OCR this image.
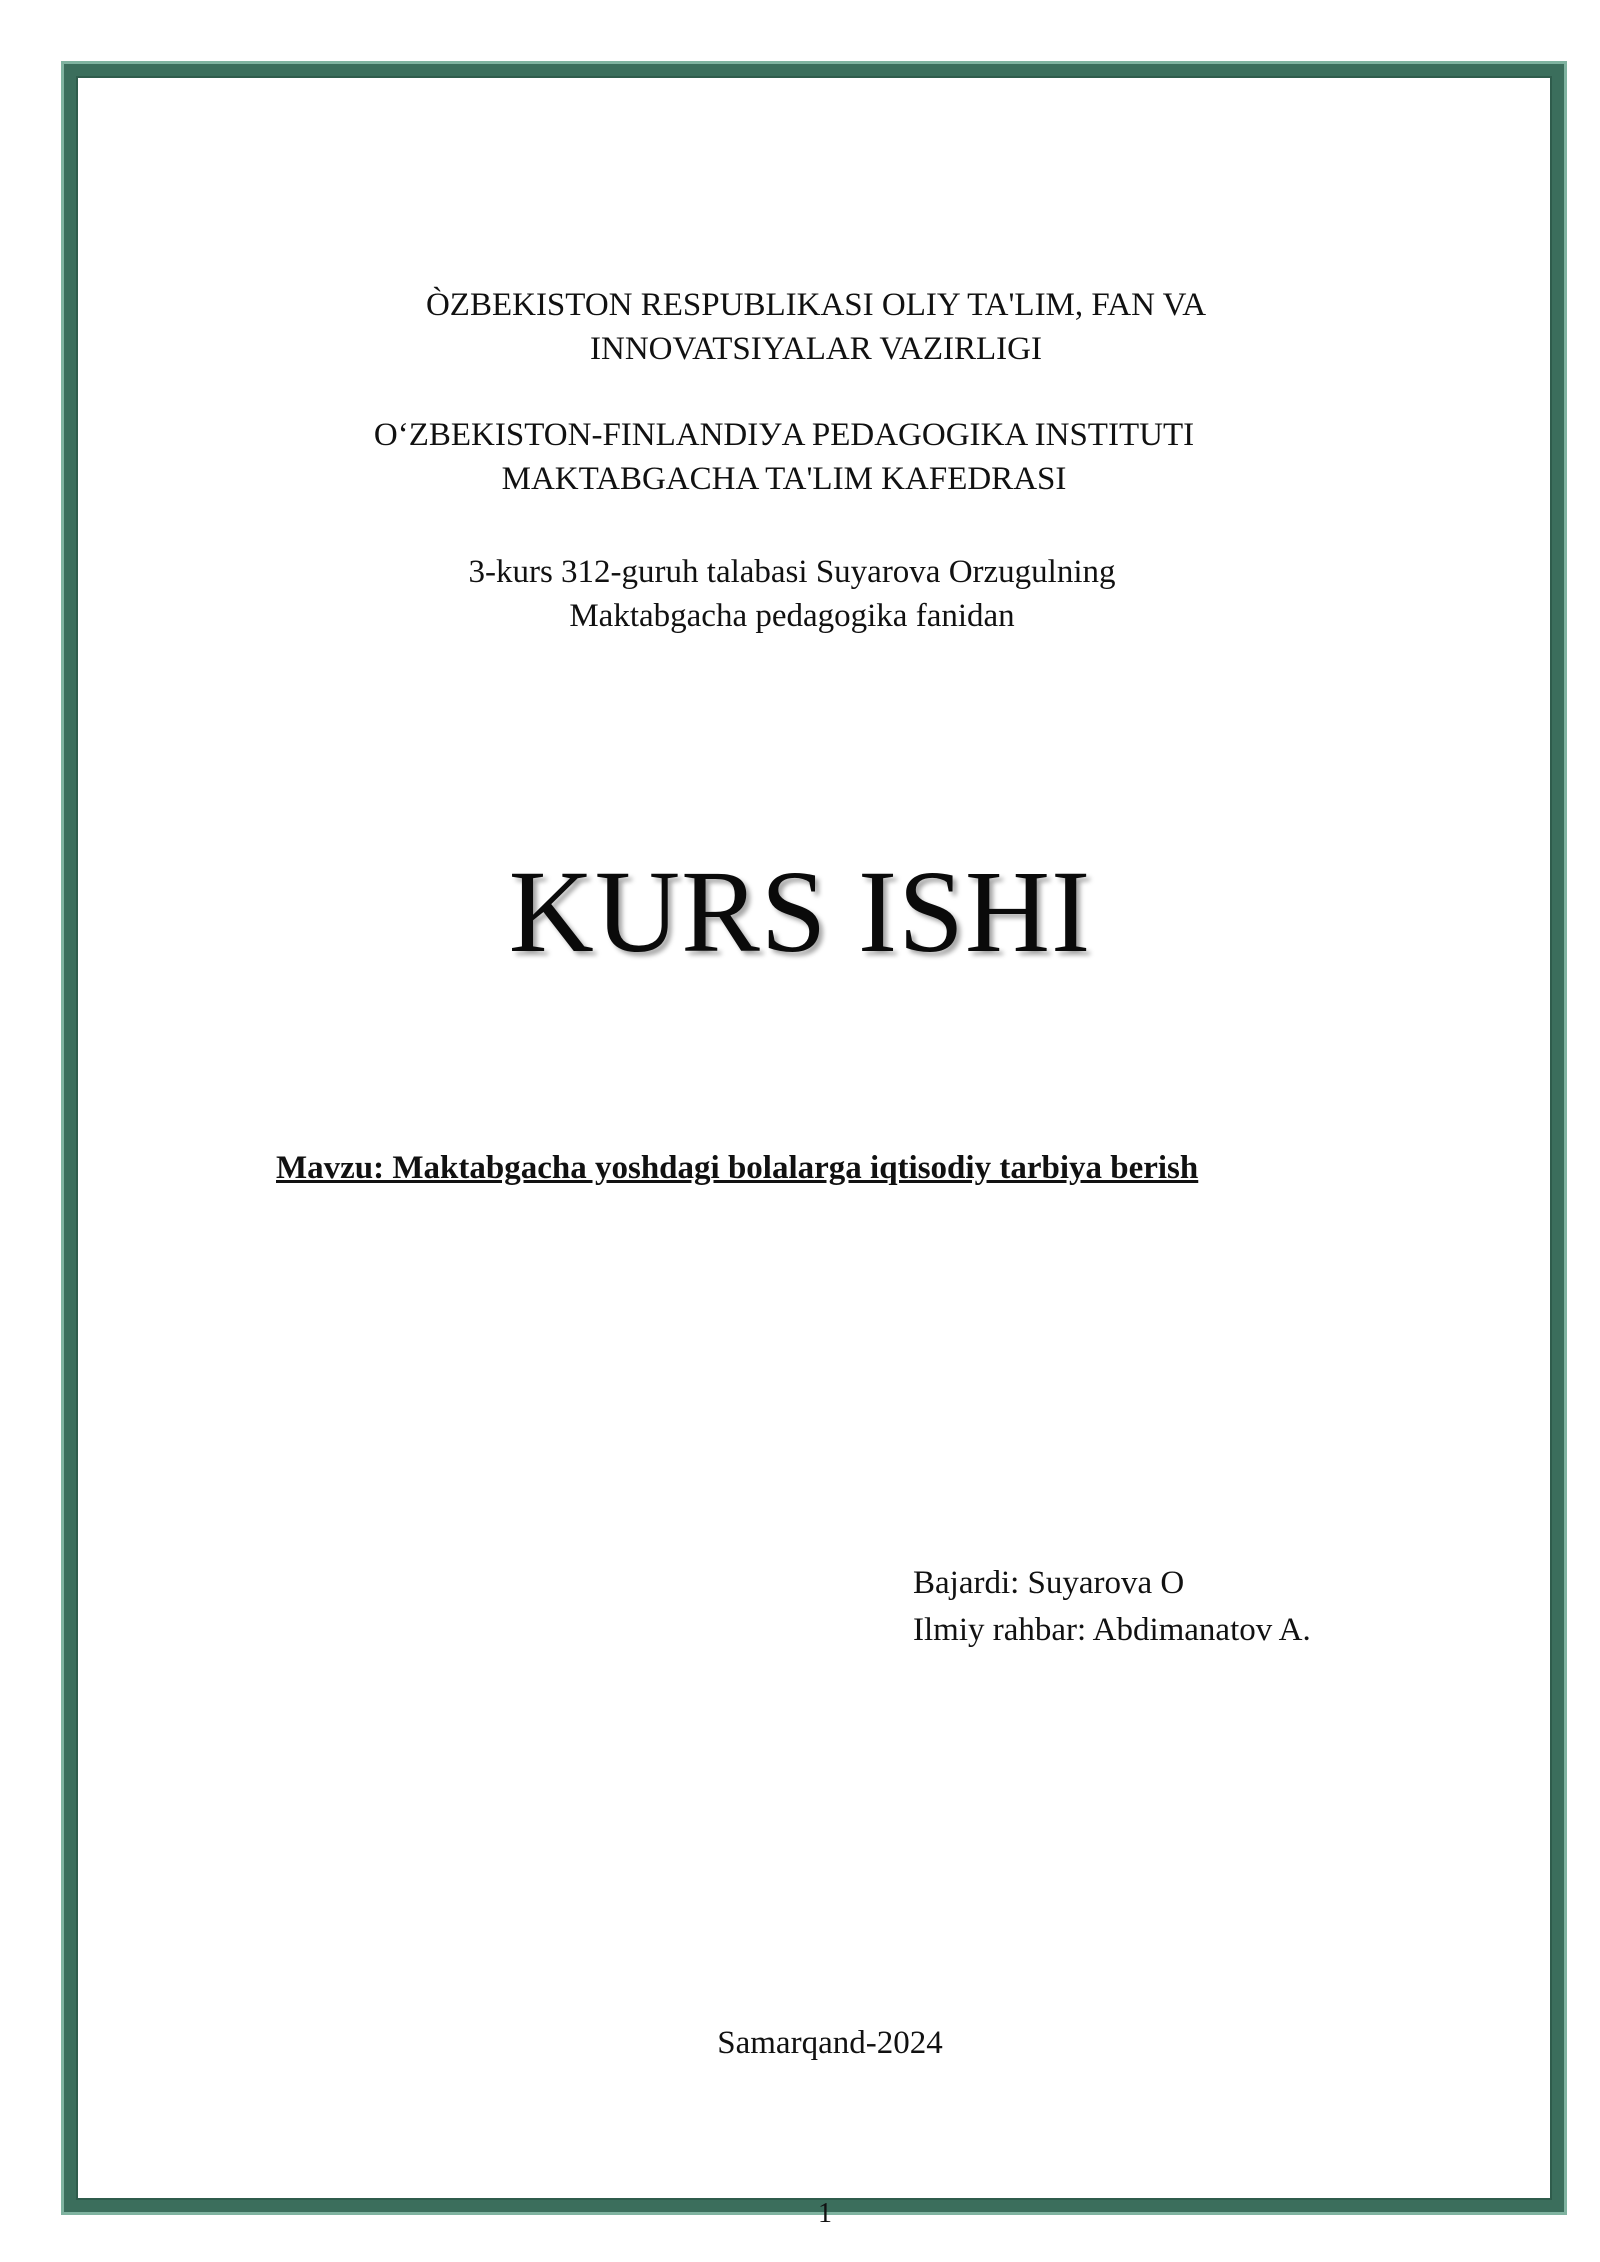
ÒZBEKISTON RESPUBLIKASI OLIY TA'LIM, FAN VA
INNOVATSIYALAR VAZIRLIGI
O‘ZBEKISTON-FINLANDIУA PEDAGOGIKA INSTITUTI
MAKTABGACHA TA'LIM KAFEDRASI
3-kurs 312-guruh talabasi Suyarova Orzugulning
Maktabgacha pedagogika fanidan
KURS ISHI
Mavzu: Maktabgacha yoshdagi bolalarga iqtisodiy tarbiya berish
Bajardi: Suyarova O
Ilmiy rahbar: Abdimanatov A.
Samarqand-2024
1
